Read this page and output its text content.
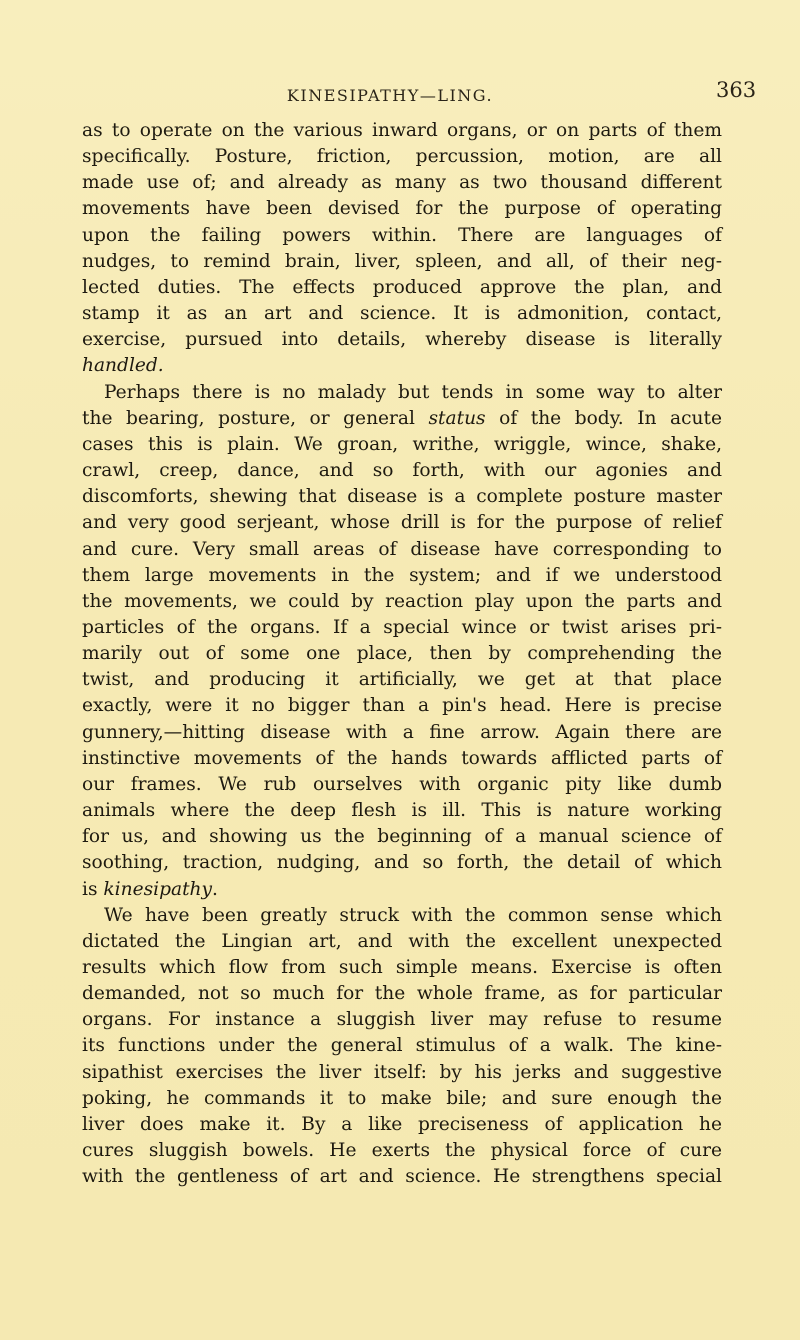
KINESIPATHY—LING.	363
as to operate on the various inward organs, or on parts of them
specifically. Posture, friction, percussion, motion, are all
made use of; and already as many as two thousand different
movements have been devised for the purpose of operating
upon the failing powers within. There are languages of
nudges, to remind brain, liver, spleen, and all, of their neg-
lected duties. The effects produced approve the plan, and
stamp it as an art and science. It is admonition, contact,
exercise, pursued into details, whereby disease is literally
handled.
Perhaps there is no malady but tends in some way to alter
the bearing, posture, or general status of the body. In acute
cases this is plain. We groan, writhe, wriggle, wince, shake,
crawl, creep, dance, and so forth, with our agonies and
discomforts, shewing that disease is a complete posture master
and very good serjeant, whose drill is for the purpose of relief
and cure. Very small areas of disease have corresponding to
them large movements in the system; and if we understood
the movements, we could by reaction play upon the parts and
particles of the organs. If a special wince or twist arises pri-
marily out of some one place, then by comprehending the
twist, and producing it artificially, we get at that place
exactly, were it no bigger than a pin's head. Here is precise
gunnery,—hitting disease with a fine arrow. Again there are
instinctive movements of the hands towards afflicted parts of
our frames. We rub ourselves with organic pity like dumb
animals where the deep flesh is ill. This is nature working
for us, and showing us the beginning of a manual science of
soothing, traction, nudging, and so forth, the detail of which
is kinesipathy.
We have been greatly struck with the common sense which
dictated the Lingian art, and with the excellent unexpected
results which flow from such simple means. Exercise is often
demanded, not so much for the whole frame, as for particular
organs. For instance a sluggish liver may refuse to resume
its functions under the general stimulus of a walk. The kine-
sipathist exercises the liver itself: by his jerks and suggestive
poking, he commands it to make bile; and sure enough the
liver does make it. By a like preciseness of application he
cures sluggish bowels. He exerts the physical force of cure
with the gentleness of art and science. He strengthens special
